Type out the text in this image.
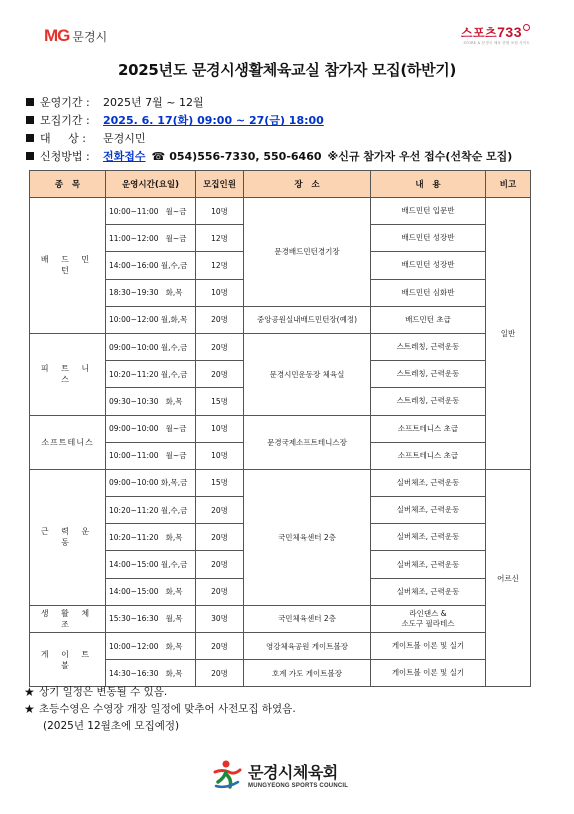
MG 문경시	스포츠733
STORE & 문경시 체육 종합 포털 사이트
2025년도 문경시생활체육교실 참가자 모집(하반기)
운영기간 :	2025년 7월 ~ 12월
모집기간 :	2025. 6. 17(화) 09:00 ~ 27(금) 18:00
대     상 :	문경시민
신청방법 :	전화접수 ☎ 054)556-7330, 550-6460 ※신규 참가자 우선 접수(선착순 모집)
종   목	운영시간(요일)	모집인원	장   소	내   용	비고
배 드 민 턴	10:00~11:00   월~금	10명	문경배드민턴경기장	배드민턴 입문반	일반
	11:00~12:00   월~금	12명		배드민턴 성장반	
	14:00~16:00 월,수,금	12명		배드민턴 성장반	
	18:30~19:30   화,목	10명		배드민턴 심화반	
	10:00~12:00 월,화,목	20명	중앙공원실내배드민턴장(예정)	배드민턴 초급	
피 트 니 스	09:00~10:00 월,수,금	20명	문경시민운동장 체육실	스트레칭, 근력운동	
	10:20~11:20 월,수,금	20명		스트레칭, 근력운동	
	09:30~10:30   화,목	15명		스트레칭, 근력운동	
소프트테니스	09:00~10:00   월~금	10명	문경국제소프트테니스장	소프트테니스 초급	
	10:00~11:00   월~금	10명		소프트테니스 초급	
근 력 운 동	09:00~10:00 화,목,금	15명	국민체육센터 2층	실버체조, 근력운동	어르신
	10:20~11:20 월,수,금	20명		실버체조, 근력운동	
	10:20~11:20   화,목	20명		실버체조, 근력운동	
	14:00~15:00 월,수,금	20명		실버체조, 근력운동	
	14:00~15:00   화,목	20명		실버체조, 근력운동	
생 활 체 조	15:30~16:30   월,목	30명	국민체육센터 2층	라인댄스 &
소도구 필라테스	
게 이 트 볼	10:00~12:00   화,목	20명	영강체육공원 게이트볼장	게이트볼 이론 및 실기	
	14:30~16:30   화,목	20명	호계 가도 게이트볼장	게이트볼 이론 및 실기	
★ 상기 일정은 변동될 수 있음.
★ 초등수영은 수영장 개장 일정에 맞추어 사전모집 하였음.
(2025년 12월초에 모집예정)
문경시체육회
MUNGYEONG SPORTS COUNCIL
